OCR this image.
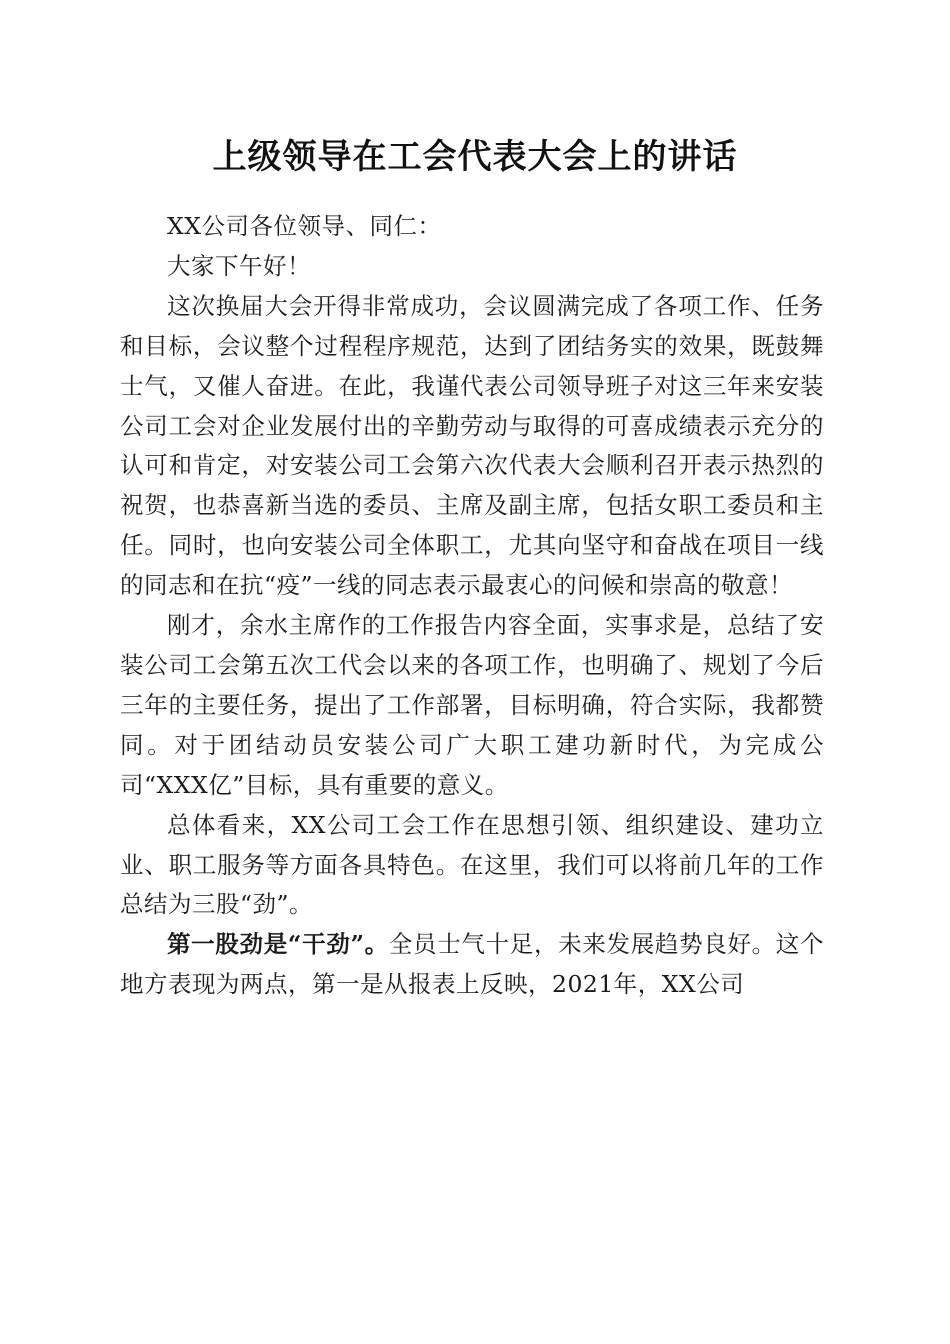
上级领导在工会代表大会上的讲话

XX公司各位领导、同仁：

大家下午好！

这次换届大会开得非常成功，会议圆满完成了各项工作、任务和目标，会议整个过程程序规范，达到了团结务实的效果，既鼓舞士气，又催人奋进。在此，我谨代表公司领导班子对这三年来安装公司工会对企业发展付出的辛勤劳动与取得的可喜成绩表示充分的认可和肯定，对安装公司工会第六次代表大会顺利召开表示热烈的祝贺，也恭喜新当选的委员、主席及副主席，包括女职工委员和主任。同时，也向安装公司全体职工，尤其向坚守和奋战在项目一线的同志和在抗“疫”一线的同志表示最衷心的问候和崇高的敬意！

刚才，余水主席作的工作报告内容全面，实事求是，总结了安装公司工会第五次工代会以来的各项工作，也明确了、规划了今后三年的主要任务，提出了工作部署，目标明确，符合实际，我都赞同。对于团结动员安装公司广大职工建功新时代，为完成公司“XXX亿”目标，具有重要的意义。

总体看来，XX公司工会工作在思想引领、组织建设、建功立业、职工服务等方面各具特色。在这里，我们可以将前几年的工作总结为三股“劲”。

第一股劲是“干劲”。全员士气十足，未来发展趋势良好。这个地方表现为两点，第一是从报表上反映，2021年，XX公司
